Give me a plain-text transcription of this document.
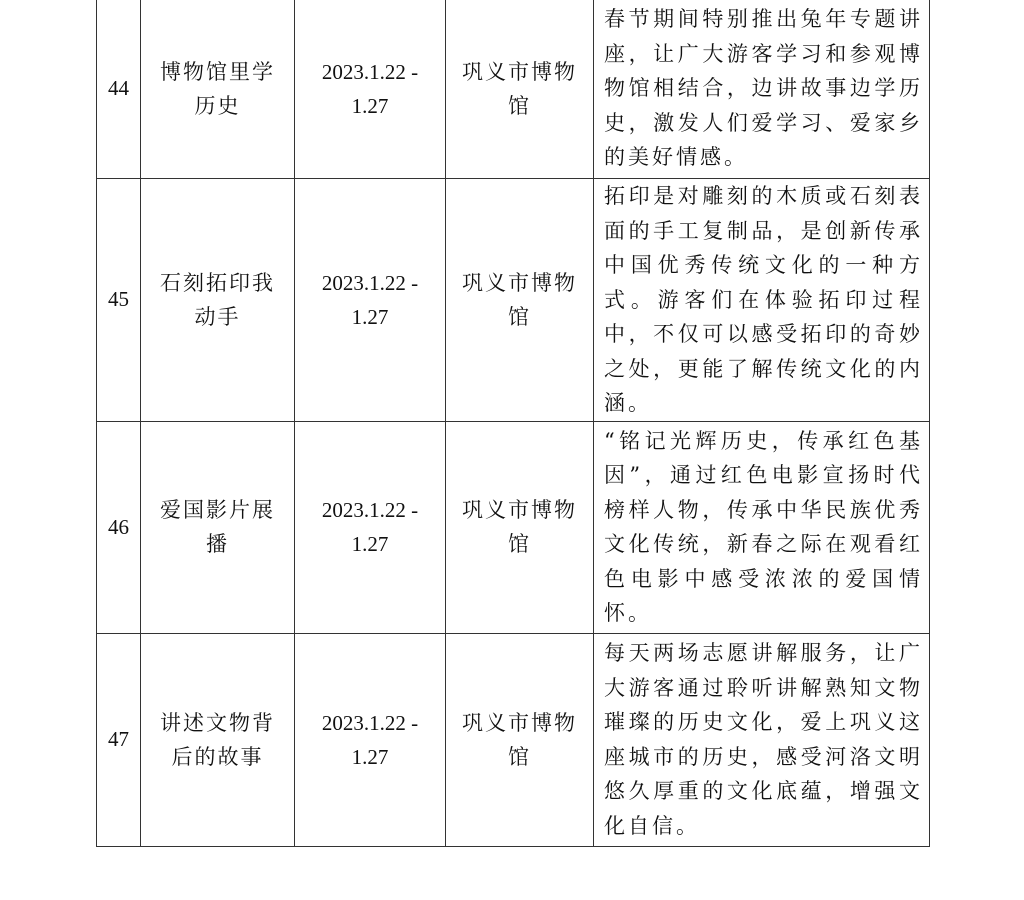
44	博物馆里学历史	2023.1.22 - 1.27	巩义市博物馆	春节期间特别推出兔年专题讲座，让广大游客学习和参观博物馆相结合，边讲故事边学历史，激发人们爱学习、爱家乡的美好情感。

45	石刻拓印我动手	2023.1.22 - 1.27	巩义市博物馆	拓印是对雕刻的木质或石刻表面的手工复制品，是创新传承中国优秀传统文化的一种方式。游客们在体验拓印过程中，不仅可以感受拓印的奇妙之处，更能了解传统文化的内涵。

46	爱国影片展播	2023.1.22 - 1.27	巩义市博物馆	“铭记光辉历史，传承红色基因”，通过红色电影宣扬时代榜样人物，传承中华民族优秀文化传统，新春之际在观看红色电影中感受浓浓的爱国情怀。

47	讲述文物背后的故事	2023.1.22 - 1.27	巩义市博物馆	每天两场志愿讲解服务，让广大游客通过聆听讲解熟知文物璀璨的历史文化，爱上巩义这座城市的历史，感受河洛文明悠久厚重的文化底蕴，增强文化自信。
